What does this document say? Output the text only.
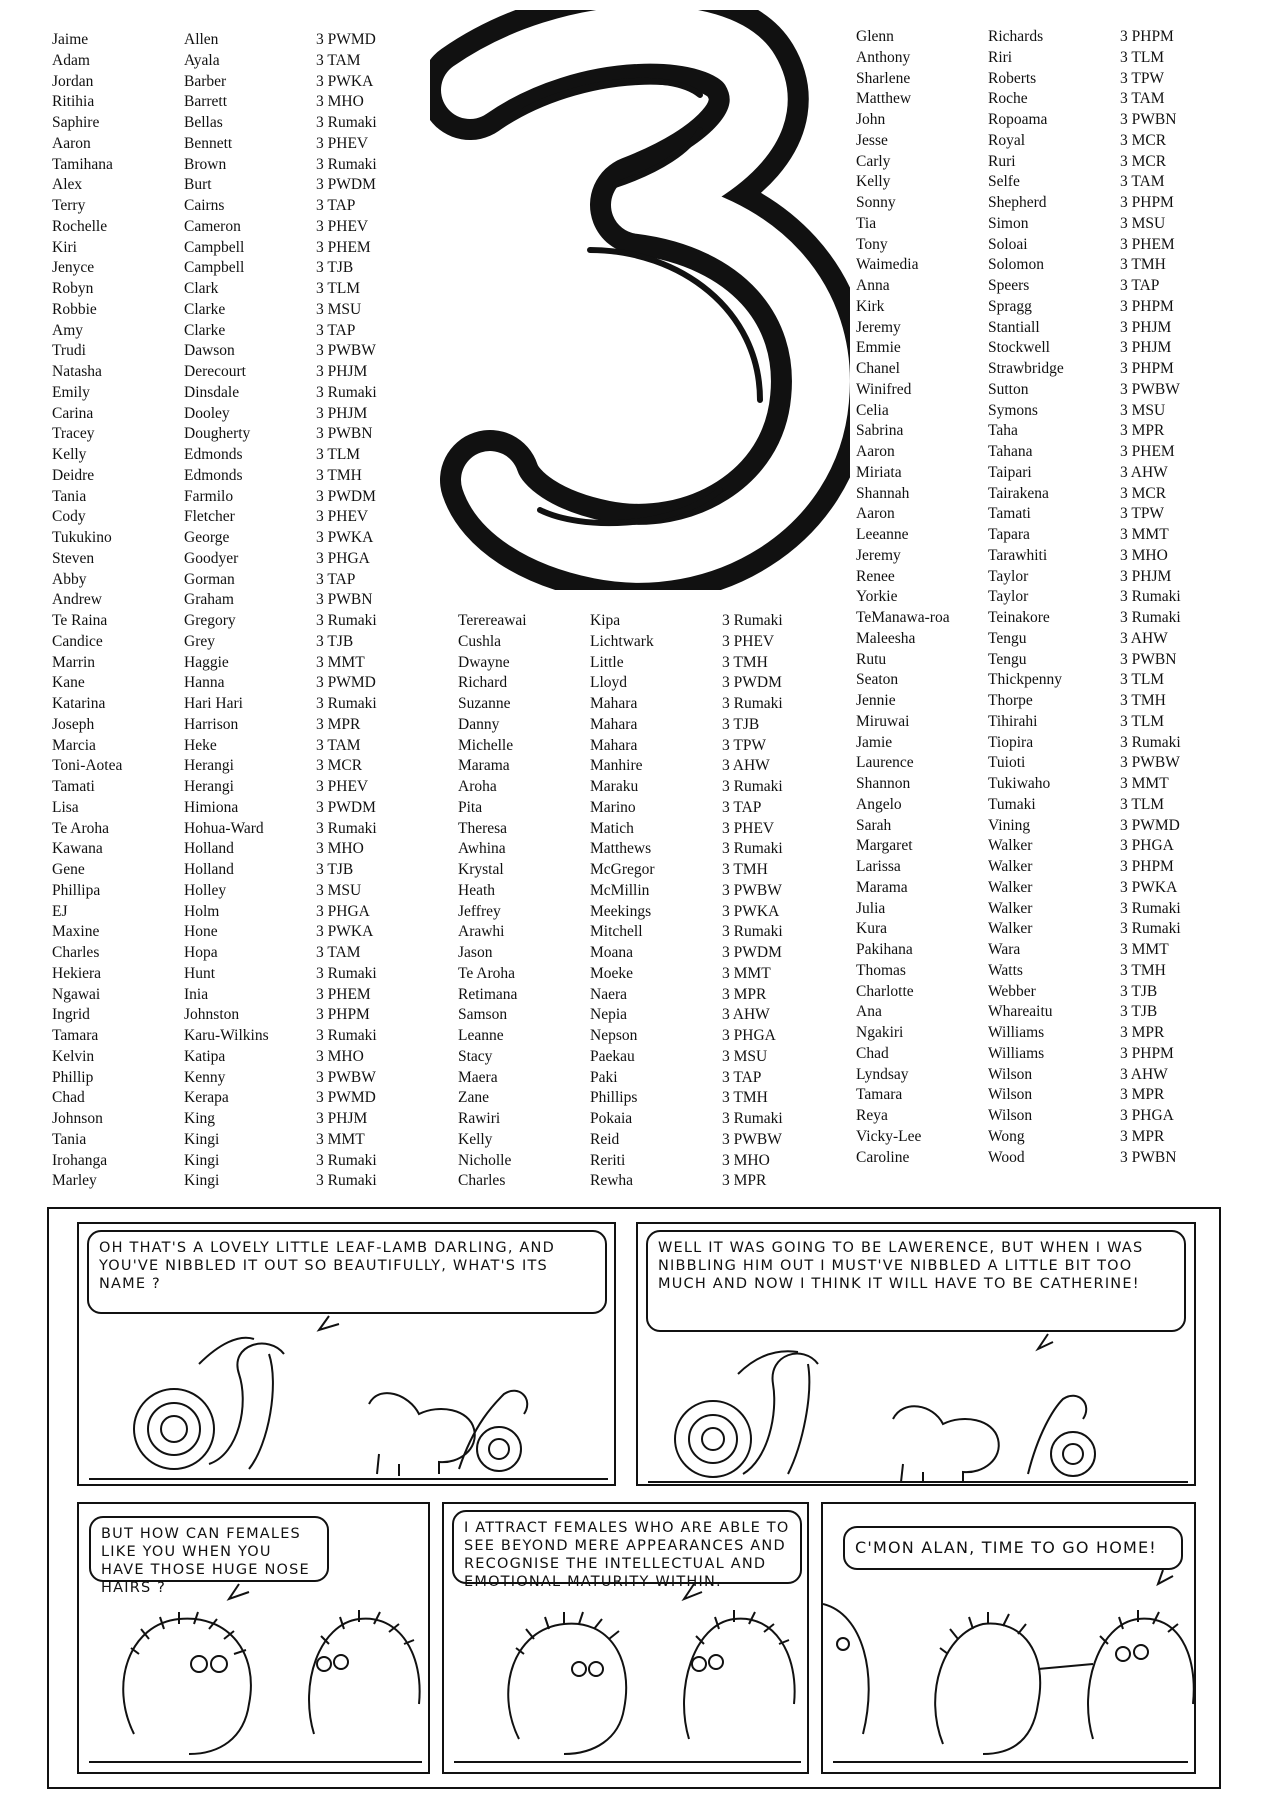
Jaime	Allen	3 PWMD
Adam	Ayala	3 TAM
Jordan	Barber	3 PWKA
Ritihia	Barrett	3 MHO
Saphire	Bellas	3 Rumaki
Aaron	Bennett	3 PHEV
Tamihana	Brown	3 Rumaki
Alex	Burt	3 PWDM
Terry	Cairns	3 TAP
Rochelle	Cameron	3 PHEV
Kiri	Campbell	3 PHEM
Jenyce	Campbell	3 TJB
Robyn	Clark	3 TLM
Robbie	Clarke	3 MSU
Amy	Clarke	3 TAP
Trudi	Dawson	3 PWBW
Natasha	Derecourt	3 PHJM
Emily	Dinsdale	3 Rumaki
Carina	Dooley	3 PHJM
Tracey	Dougherty	3 PWBN
Kelly	Edmonds	3 TLM
Deidre	Edmonds	3 TMH
Tania	Farmilo	3 PWDM
Cody	Fletcher	3 PHEV
Tukukino	George	3 PWKA
Steven	Goodyer	3 PHGA
Abby	Gorman	3 TAP
Andrew	Graham	3 PWBN
Te Raina	Gregory	3 Rumaki
Candice	Grey	3 TJB
Marrin	Haggie	3 MMT
Kane	Hanna	3 PWMD
Katarina	Hari Hari	3 Rumaki
Joseph	Harrison	3 MPR
Marcia	Heke	3 TAM
Toni-Aotea	Herangi	3 MCR
Tamati	Herangi	3 PHEV
Lisa	Himiona	3 PWDM
Te Aroha	Hohua-Ward	3 Rumaki
Kawana	Holland	3 MHO
Gene	Holland	3 TJB
Phillipa	Holley	3 MSU
EJ	Holm	3 PHGA
Maxine	Hone	3 PWKA
Charles	Hopa	3 TAM
Hekiera	Hunt	3 Rumaki
Ngawai	Inia	3 PHEM
Ingrid	Johnston	3 PHPM
Tamara	Karu-Wilkins	3 Rumaki
Kelvin	Katipa	3 MHO
Phillip	Kenny	3 PWBW
Chad	Kerapa	3 PWMD
Johnson	King	3 PHJM
Tania	Kingi	3 MMT
Irohanga	Kingi	3 Rumaki
Marley	Kingi	3 Rumaki
Terereawai	Kipa	3 Rumaki
Cushla	Lichtwark	3 PHEV
Dwayne	Little	3 TMH
Richard	Lloyd	3 PWDM
Suzanne	Mahara	3 Rumaki
Danny	Mahara	3 TJB
Michelle	Mahara	3 TPW
Marama	Manhire	3 AHW
Aroha	Maraku	3 Rumaki
Pita	Marino	3 TAP
Theresa	Matich	3 PHEV
Awhina	Matthews	3 Rumaki
Krystal	McGregor	3 TMH
Heath	McMillin	3 PWBW
Jeffrey	Meekings	3 PWKA
Arawhi	Mitchell	3 Rumaki
Jason	Moana	3 PWDM
Te Aroha	Moeke	3 MMT
Retimana	Naera	3 MPR
Samson	Nepia	3 AHW
Leanne	Nepson	3 PHGA
Stacy	Paekau	3 MSU
Maera	Paki	3 TAP
Zane	Phillips	3 TMH
Rawiri	Pokaia	3 Rumaki
Kelly	Reid	3 PWBW
Nicholle	Reriti	3 MHO
Charles	Rewha	3 MPR
Glenn	Richards	3 PHPM
Anthony	Riri	3 TLM
Sharlene	Roberts	3 TPW
Matthew	Roche	3 TAM
John	Ropoama	3 PWBN
Jesse	Royal	3 MCR
Carly	Ruri	3 MCR
Kelly	Selfe	3 TAM
Sonny	Shepherd	3 PHPM
Tia	Simon	3 MSU
Tony	Soloai	3 PHEM
Waimedia	Solomon	3 TMH
Anna	Speers	3 TAP
Kirk	Spragg	3 PHPM
Jeremy	Stantiall	3 PHJM
Emmie	Stockwell	3 PHJM
Chanel	Strawbridge	3 PHPM
Winifred	Sutton	3 PWBW
Celia	Symons	3 MSU
Sabrina	Taha	3 MPR
Aaron	Tahana	3 PHEM
Miriata	Taipari	3 AHW
Shannah	Tairakena	3 MCR
Aaron	Tamati	3 TPW
Leeanne	Tapara	3 MMT
Jeremy	Tarawhiti	3 MHO
Renee	Taylor	3 PHJM
Yorkie	Taylor	3 Rumaki
TeManawa-roa Teinakore	3 Rumaki
Maleesha	Tengu	3 AHW
Rutu	Tengu	3 PWBN
Seaton	Thickpenny	3 TLM
Jennie	Thorpe	3 TMH
Miruwai	Tihirahi	3 TLM
Jamie	Tiopira	3 Rumaki
Laurence	Tuioti	3 PWBW
Shannon	Tukiwaho	3 MMT
Angelo	Tumaki	3 TLM
Sarah	Vining	3 PWMD
Margaret	Walker	3 PHGA
Larissa	Walker	3 PHPM
Marama	Walker	3 PWKA
Julia	Walker	3 Rumaki
Kura	Walker	3 Rumaki
Pakihana	Wara	3 MMT
Thomas	Watts	3 TMH
Charlotte	Webber	3 TJB
Ana	Whareaitu	3 TJB
Ngakiri	Williams	3 MPR
Chad	Williams	3 PHPM
Lyndsay	Wilson	3 AHW
Tamara	Wilson	3 MPR
Reya	Wilson	3 PHGA
Vicky-Lee	Wong	3 MPR
Caroline	Wood	3 PWBN
3

OH THAT'S A LOVELY LITTLE LEAF-LAMB DARLING, AND YOU'VE NIBBLED IT OUT SO BEAUTIFULLY, WHAT'S ITS NAME ?

WELL IT WAS GOING TO BE LAWERENCE, BUT WHEN I WAS NIBBLING HIM OUT I MUST'VE NIBBLED A LITTLE BIT TOO MUCH AND NOW I THINK IT WILL HAVE TO BE CATHERINE!

BUT HOW CAN FEMALES LIKE YOU WHEN YOU HAVE THOSE HUGE NOSE HAIRS ?

I ATTRACT FEMALES WHO ARE ABLE TO SEE BEYOND MERE APPEARANCES AND RECOGNISE THE INTELLECTUAL AND EMOTIONAL MATURITY WITHIN.

C'MON ALAN, TIME TO GO HOME!
